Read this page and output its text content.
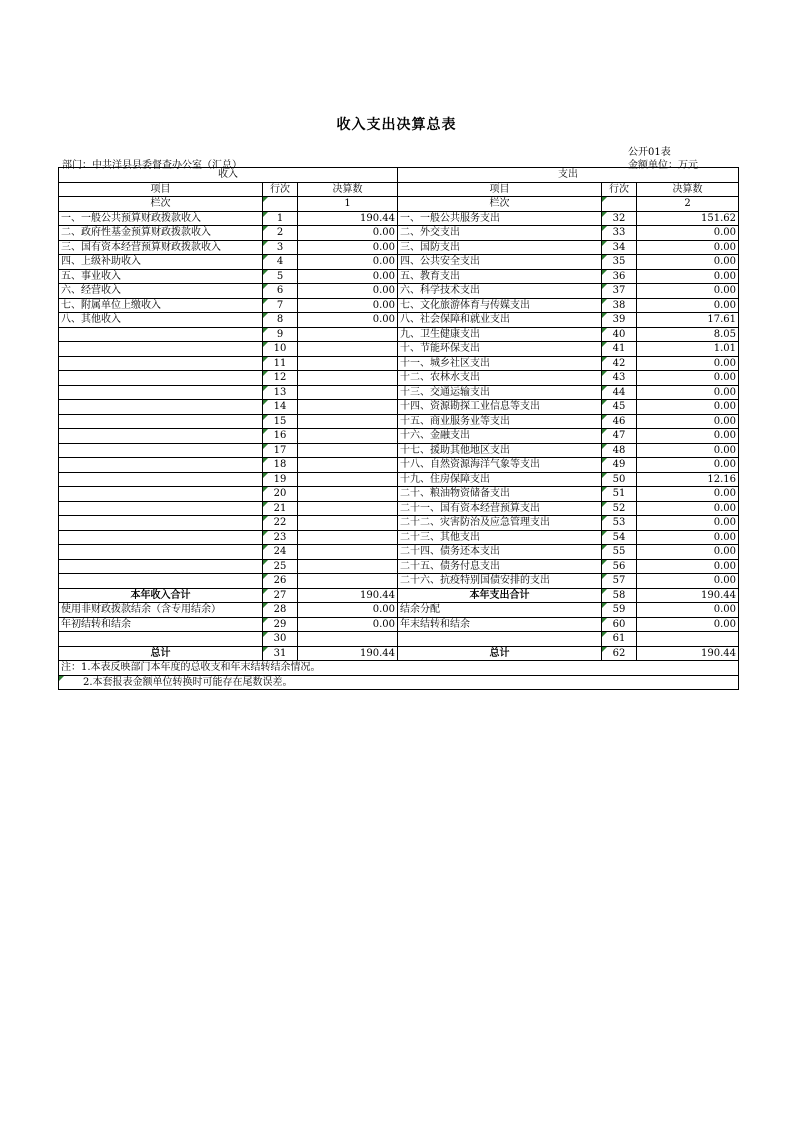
收入支出决算总表
公开01表
金额单位：万元
部门：中共洋县县委督查办公室（汇总）
收入			支出		
项目	行次	决算数	项目	行次	决算数
栏次		1	栏次		2
一、一般公共预算财政拨款收入	1	190.44	一、一般公共服务支出	32	151.62
二、政府性基金预算财政拨款收入	2	0.00	二、外交支出	33	0.00
三、国有资本经营预算财政拨款收入	3	0.00	三、国防支出	34	0.00
四、上级补助收入	4	0.00	四、公共安全支出	35	0.00
五、事业收入	5	0.00	五、教育支出	36	0.00
六、经营收入	6	0.00	六、科学技术支出	37	0.00
七、附属单位上缴收入	7	0.00	七、文化旅游体育与传媒支出	38	0.00
八、其他收入	8	0.00	八、社会保障和就业支出	39	17.61
	9		九、卫生健康支出	40	8.05
	10		十、节能环保支出	41	1.01
	11		十一、城乡社区支出	42	0.00
	12		十二、农林水支出	43	0.00
	13		十三、交通运输支出	44	0.00
	14		十四、资源勘探工业信息等支出	45	0.00
	15		十五、商业服务业等支出	46	0.00
	16		十六、金融支出	47	0.00
	17		十七、援助其他地区支出	48	0.00
	18		十八、自然资源海洋气象等支出	49	0.00
	19		十九、住房保障支出	50	12.16
	20		二十、粮油物资储备支出	51	0.00
	21		二十一、国有资本经营预算支出	52	0.00
	22		二十二、灾害防治及应急管理支出	53	0.00
	23		二十三、其他支出	54	0.00
	24		二十四、债务还本支出	55	0.00
	25		二十五、债务付息支出	56	0.00
	26		二十六、抗疫特别国债安排的支出	57	0.00
本年收入合计	27	190.44	本年支出合计	58	190.44
使用非财政拨款结余（含专用结余）	28	0.00	结余分配	59	0.00
年初结转和结余	29	0.00	年末结转和结余	60	0.00
	30			61	
总计	31	190.44	总计	62	190.44
注：1.本表反映部门本年度的总收支和年末结转结余情况。					
2.本套报表金额单位转换时可能存在尾数误差。					
